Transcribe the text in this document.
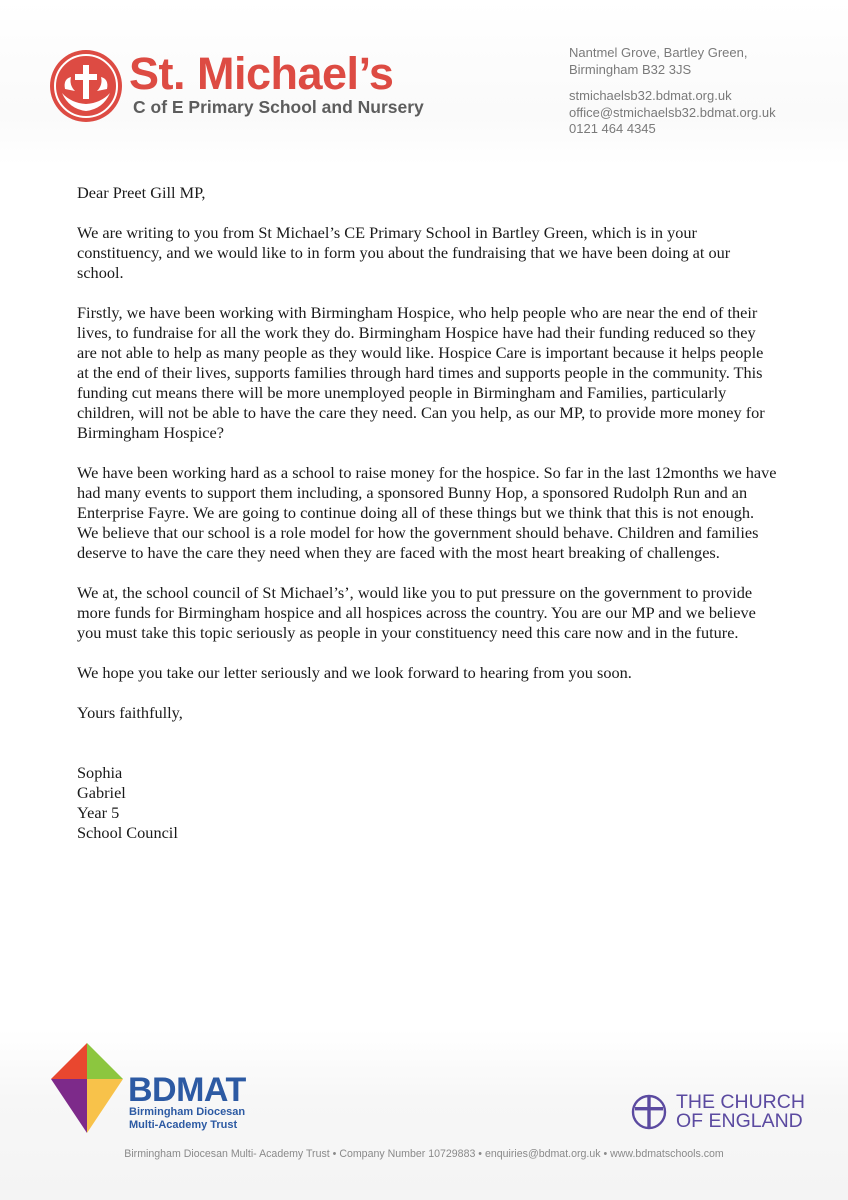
St. Michael’s
C of E Primary School and Nursery
Nantmel Grove, Bartley Green,
Birmingham B32 3JS
stmichaelsb32.bdmat.org.uk
office@stmichaelsb32.bdmat.org.uk
0121 464 4345

Dear Preet Gill MP,

We are writing to you from St Michael’s CE Primary School in Bartley Green, which is in your constituency, and we would like to in form you about the fundraising that we have been doing at our school.

Firstly, we have been working with Birmingham Hospice, who help people who are near the end of their lives, to fundraise for all the work they do. Birmingham Hospice have had their funding reduced so they are not able to help as many people as they would like. Hospice Care is important because it helps people at the end of their lives, supports families through hard times and supports people in the community. This funding cut means there will be more unemployed people in Birmingham and Families, particularly children, will not be able to have the care they need. Can you help, as our MP, to provide more money for Birmingham Hospice?

We have been working hard as a school to raise money for the hospice. So far in the last 12months we have had many events to support them including, a sponsored Bunny Hop, a sponsored Rudolph Run and an Enterprise Fayre. We are going to continue doing all of these things but we think that this is not enough. We believe that our school is a role model for how the government should behave. Children and families deserve to have the care they need when they are faced with the most heart breaking of challenges.

We at, the school council of St Michael’s’, would like you to put pressure on the government to provide more funds for Birmingham hospice and all hospices across the country. You are our MP and we believe you must take this topic seriously as people in your constituency need this care now and in the future.

We hope you take our letter seriously and we look forward to hearing from you soon.

Yours faithfully,

Sophia
Gabriel
Year 5
School Council
BDMAT
Birmingham Diocesan
Multi-Academy Trust
THE CHURCH
OF ENGLAND
Birmingham Diocesan Multi- Academy Trust • Company Number 10729883 • enquiries@bdmat.org.uk • www.bdmatschools.com
